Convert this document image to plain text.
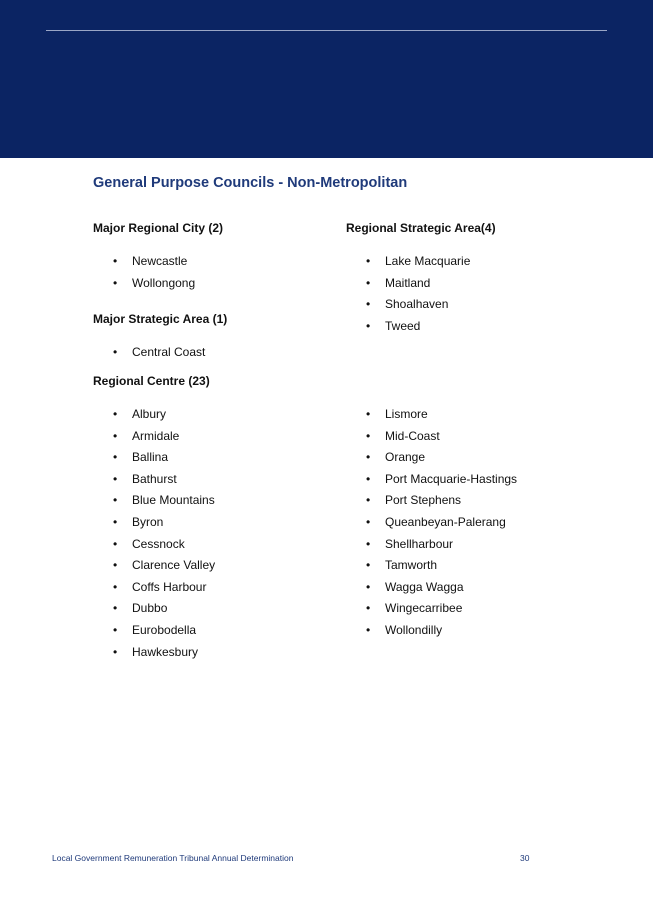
General Purpose Councils - Non-Metropolitan
Major Regional City (2)
• Newcastle
• Wollongong
Major Strategic Area (1)
• Central Coast
Regional Strategic Area(4)
• Lake Macquarie
• Maitland
• Shoalhaven
• Tweed
Regional Centre (23)
• Albury
• Armidale
• Ballina
• Bathurst
• Blue Mountains
• Byron
• Cessnock
• Clarence Valley
• Coffs Harbour
• Dubbo
• Eurobodella
• Hawkesbury
• Lismore
• Mid-Coast
• Orange
• Port Macquarie-Hastings
• Port Stephens
• Queanbeyan-Palerang
• Shellharbour
• Tamworth
• Wagga Wagga
• Wingecarribee
• Wollondilly
Local Government Remuneration Tribunal Annual Determination	30
